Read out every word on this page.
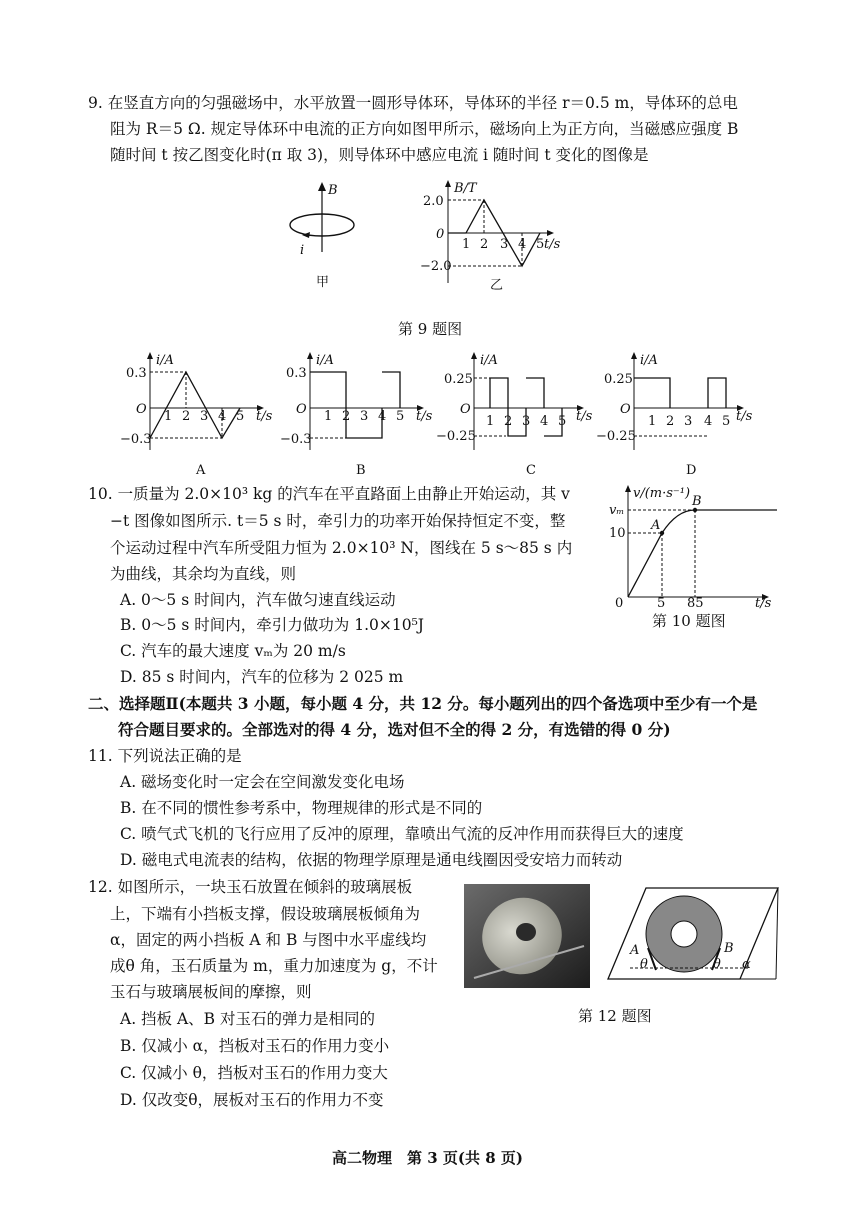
9. 在竖直方向的匀强磁场中，水平放置一圆形导体环，导体环的半径 r＝0.5 m，导体环的总电
阻为 R＝5 Ω. 规定导体环中电流的正方向如图甲所示，磁场向上为正方向，当磁感应强度 B
随时间 t 按乙图变化时(π 取 3)，则导体环中感应电流 i 随时间 t 变化的图像是
B
i
甲
B/T
t/s
2.0
0
−2.0
1 2 3 4 5
乙
第 9 题图
i/A
t/s
0.3
O
−0.3
1 2 3 4 5
A
i/A
t/s
0.3
O
−0.3
1 2 3 4 5
B
i/A
t/s
0.25
O
−0.25
1 2 3 4 5
C
i/A
t/s
0.25
O
−0.25
1 2 3 4 5
D
10. 一质量为 2.0×10³ kg 的汽车在平直路面上由静止开始运动，其 v
−t 图像如图所示. t＝5 s 时，牵引力的功率开始保持恒定不变，整
个运动过程中汽车所受阻力恒为 2.0×10³ N，图线在 5 s～85 s 内
为曲线，其余均为直线，则
A. 0～5 s 时间内，汽车做匀速直线运动
B. 0～5 s 时间内，牵引力做功为 1.0×10⁵J
C. 汽车的最大速度 vₘ为 20 m/s
D. 85 s 时间内，汽车的位移为 2 025 m
v/(m·s⁻¹)
t/s
vₘ
10
0	5 85
A
B
第 10 题图
二、选择题Ⅱ(本题共 3 小题，每小题 4 分，共 12 分。每小题列出的四个备选项中至少有一个是
符合题目要求的。全部选对的得 4 分，选对但不全的得 2 分，有选错的得 0 分)
11. 下列说法正确的是
A. 磁场变化时一定会在空间激发变化电场
B. 在不同的惯性参考系中，物理规律的形式是不同的
C. 喷气式飞机的飞行应用了反冲的原理，靠喷出气流的反冲作用而获得巨大的速度
D. 磁电式电流表的结构，依据的物理学原理是通电线圈因受安培力而转动
12. 如图所示，一块玉石放置在倾斜的玻璃展板
上，下端有小挡板支撑，假设玻璃展板倾角为
α，固定的两小挡板 A 和 B 与图中水平虚线均
成θ 角，玉石质量为 m，重力加速度为 g，不计
玉石与玻璃展板间的摩擦，则
A. 挡板 A、B 对玉石的弹力是相同的
B. 仅减小 α，挡板对玉石的作用力变小
C. 仅减小 θ，挡板对玉石的作用力变大
D. 仅改变θ，展板对玉石的作用力不变
A	B
θ	θ α
第 12 题图
高二物理　第 3 页(共 8 页)
